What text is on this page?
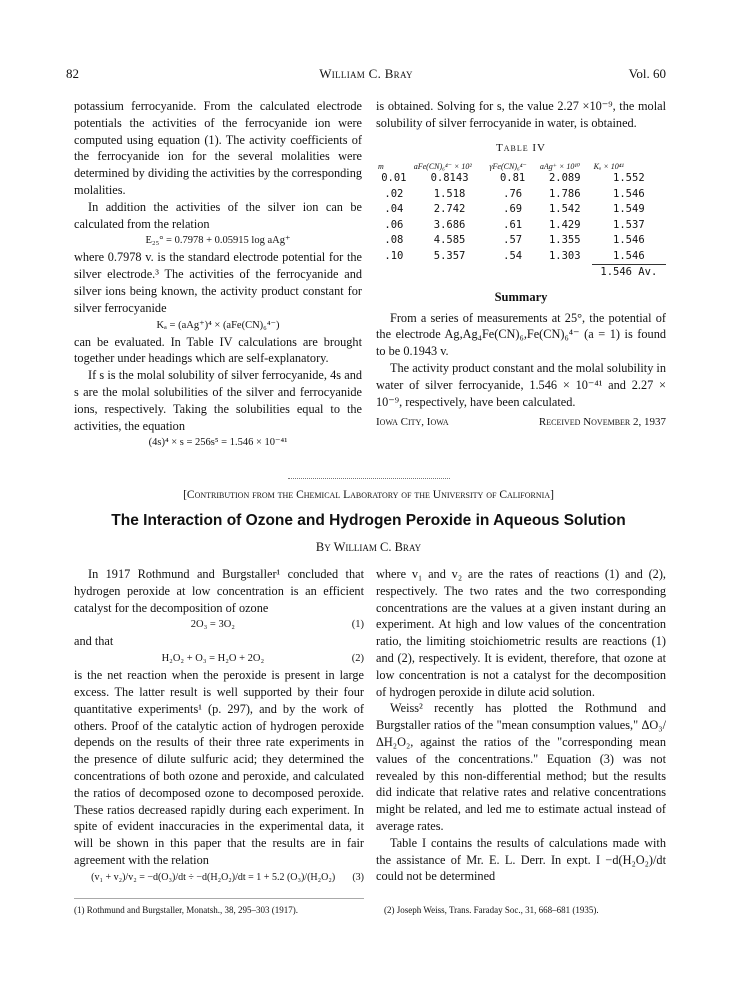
82	William C. Bray	Vol. 60

potassium ferrocyanide. From the calculated electrode potentials the activities of the ferrocyanide ion were computed using equation (1). The activity coefficients of the ferrocyanide ion for the several molalities were determined by dividing the activities by the corresponding molalities.

In addition the activities of the silver ion can be calculated from the relation

E₂₅° = 0.7978 + 0.05915 log aAg⁺

where 0.7978 v. is the standard electrode potential for the silver electrode.³ The activities of the ferrocyanide and silver ions being known, the activity product constant for silver ferrocyanide

Kₐ = (aAg⁺)⁴ × (aFe(CN)₆⁴⁻)

can be evaluated. In Table IV calculations are brought together under headings which are self-explanatory.

If s is the molal solubility of silver ferrocyanide, 4s and s are the molal solubilities of the silver and ferrocyanide ions, respectively. Taking the solubilities equal to the activities, the equation

(4s)⁴ × s = 256s⁵ = 1.546 × 10⁻⁴¹

is obtained. Solving for s, the value 2.27 ×10⁻⁹, the molal solubility of silver ferrocyanide in water, is obtained.

Table IV
m	aFe(CN)₆⁴⁻ × 10²	γFe(CN)₆⁴⁻	aAg⁺ × 10¹⁰	Kₐ × 10⁴¹
0.01	0.8143	0.81	2.089	1.552
.02	1.518	.76	1.786	1.546
.04	2.742	.69	1.542	1.549
.06	3.686	.61	1.429	1.537
.08	4.585	.57	1.355	1.546
.10	5.357	.54	1.303	1.546
				1.546 Av.
Summary

From a series of measurements at 25°, the potential of the electrode Ag,Ag₄Fe(CN)₆,Fe(CN)₆⁴⁻ (a = 1) is found to be 0.1943 v.

The activity product constant and the molal solubility in water of silver ferrocyanide, 1.546 × 10⁻⁴¹ and 2.27 × 10⁻⁹, respectively, have been calculated.

Iowa City, Iowa	Received November 2, 1937
[Contribution from the Chemical Laboratory of the University of California]
The Interaction of Ozone and Hydrogen Peroxide in Aqueous Solution
By William C. Bray

In 1917 Rothmund and Burgstaller¹ concluded that hydrogen peroxide at low concentration is an efficient catalyst for the decomposition of ozone

2O₃ = 3O₂	(1)

and that

H₂O₂ + O₃ = H₂O + 2O₂	(2)

is the net reaction when the peroxide is present in large excess. The latter result is well supported by their four quantitative experiments¹ (p. 297), and by the work of others. Proof of the catalytic action of hydrogen peroxide depends on the results of their three rate experiments in the presence of dilute sulfuric acid; they determined the concentrations of both ozone and peroxide, and calculated the ratios of decomposed ozone to decomposed peroxide. These ratios decreased rapidly during each experiment. In spite of evident inaccuracies in the experimental data, it will be shown in this paper that the results are in fair agreement with the relation

(v₁ + v₂)/v₂ = −d(O₃)/dt ÷ −d(H₂O₂)/dt = 1 + 5.2 (O₃)/(H₂O₂)	(3)
(1) Rothmund and Burgstaller, Monatsh., 38, 295–303 (1917).

where v₁ and v₂ are the rates of reactions (1) and (2), respectively. The two rates and the two corresponding concentrations are the values at a given instant during an experiment. At high and low values of the concentration ratio, the limiting stoichiometric results are reactions (1) and (2), respectively. It is evident, therefore, that ozone at low concentration is not a catalyst for the decomposition of hydrogen peroxide in dilute acid solution.

Weiss² recently has plotted the Rothmund and Burgstaller ratios of the "mean consumption values," ΔO₃/ΔH₂O₂, against the ratios of the "corresponding mean values of the concentrations." Equation (3) was not revealed by this non-differential method; but the results did indicate that relative rates and relative concentrations might be related, and led me to estimate actual instead of average rates.

Table I contains the results of calculations made with the assistance of Mr. E. L. Derr. In expt. I −d(H₂O₂)/dt could not be determined

(2) Joseph Weiss, Trans. Faraday Soc., 31, 668–681 (1935).
